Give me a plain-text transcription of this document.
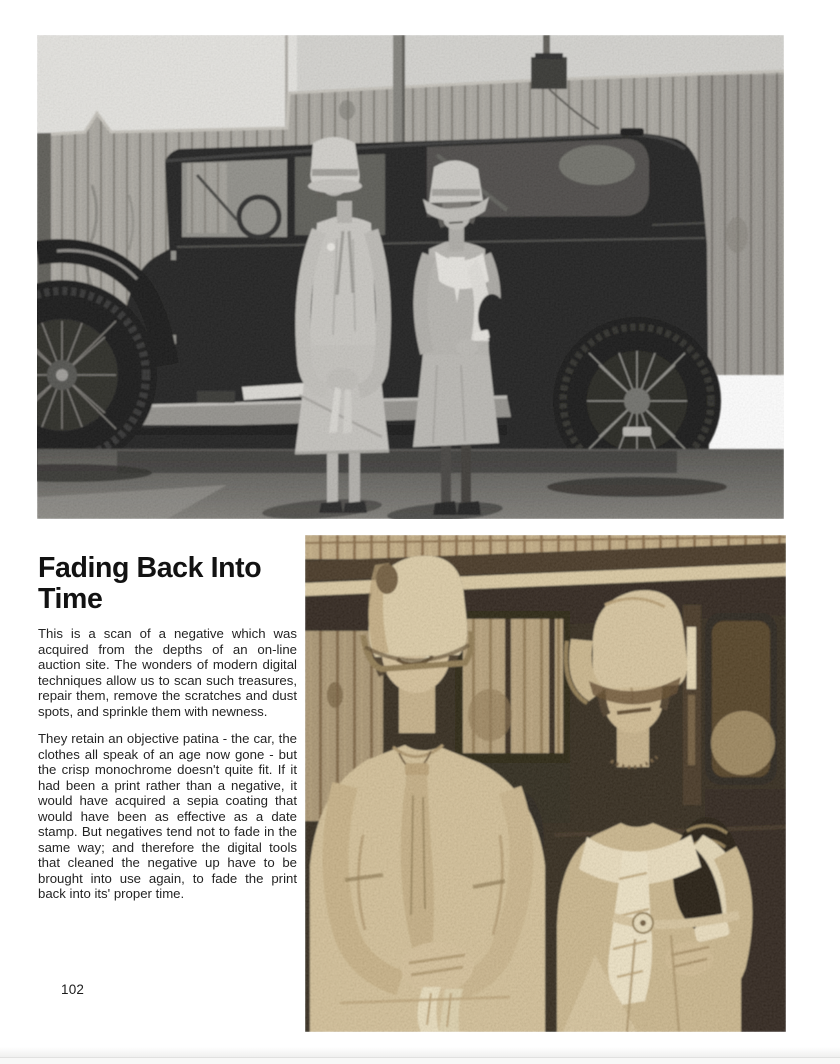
Fading Back Into Time

This is a scan of a negative which was acquired from the depths of an on-line auction site. The wonders of modern digital techniques allow us to scan such treasures, repair them, remove the scratches and dust spots, and sprinkle them with newness.

They retain an objective patina - the car, the clothes all speak of an age now gone - but the crisp monochrome doesn't quite fit. If it had been a print rather than a negative, it would have acquired a sepia coating that would have been as effective as a date stamp. But negatives tend not to fade in the same way; and therefore the digital tools that cleaned the negative up have to be brought into use again, to fade the print back into its' proper time.

102
